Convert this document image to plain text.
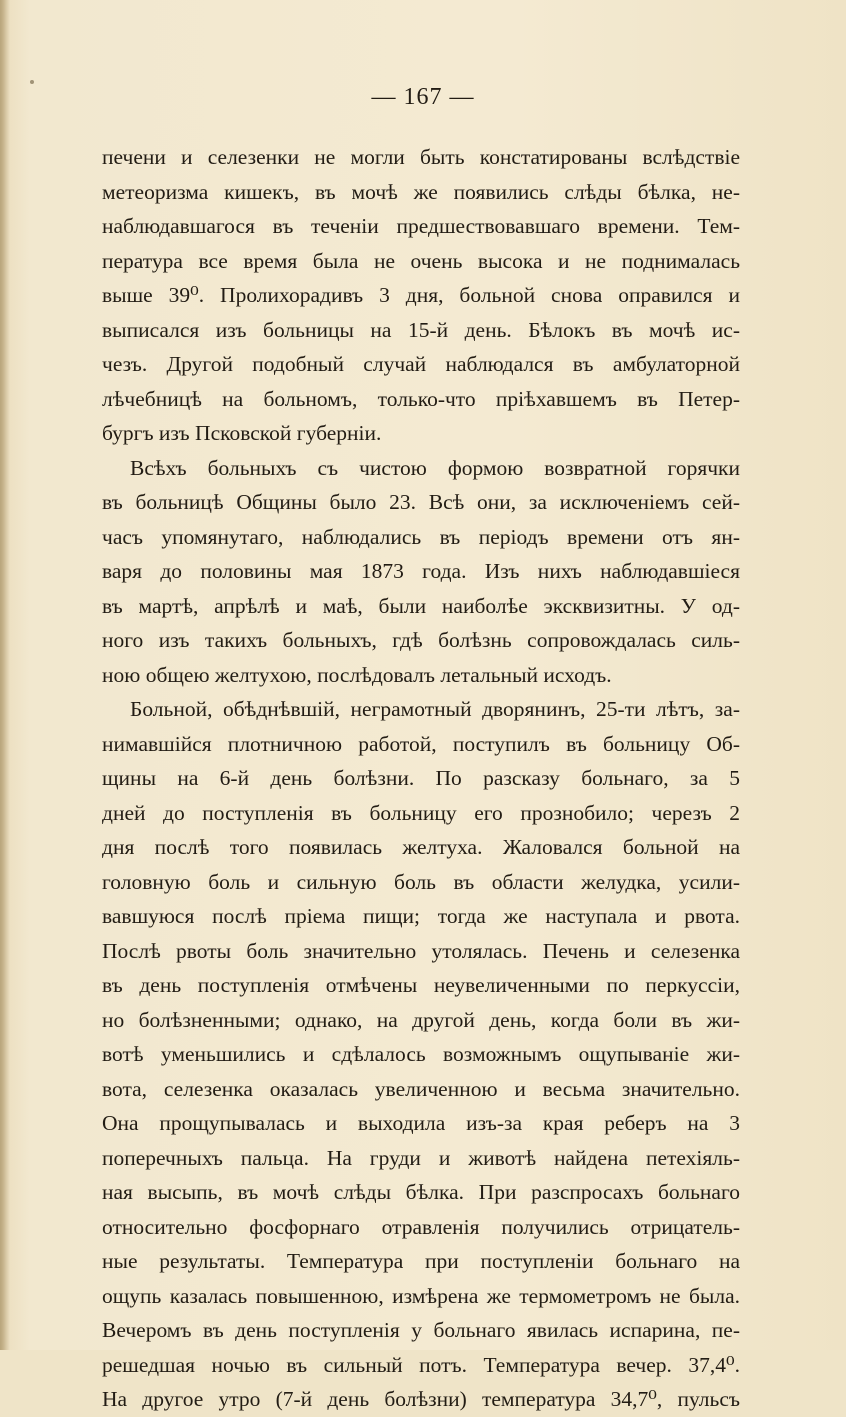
— 167 —
печени и селезенки не могли быть констатированы вслѣдствіе
метеоризма кишекъ, въ мочѣ же появились слѣды бѣлка, не-
наблюдавшагося въ теченіи предшествовавшаго времени. Тем-
пература все время была не очень высока и не поднималась
выше 39⁰. Пролихорадивъ 3 дня, больной снова оправился и
выписался изъ больницы на 15-й день. Бѣлокъ въ мочѣ ис-
чезъ. Другой подобный случай наблюдался въ амбулаторной
лѣчебницѣ на больномъ, только-что пріѣхавшемъ въ Петер-
бургъ изъ Псковской губерніи.
Всѣхъ больныхъ съ чистою формою возвратной горячки
въ больницѣ Общины было 23. Всѣ они, за исключеніемъ сей-
часъ упомянутаго, наблюдались въ періодъ времени отъ ян-
варя до половины мая 1873 года. Изъ нихъ наблюдавшіеся
въ мартѣ, апрѣлѣ и маѣ, были наиболѣе эксквизитны. У од-
ного изъ такихъ больныхъ, гдѣ болѣзнь сопровождалась силь-
ною общею желтухою, послѣдовалъ летальный исходъ.
Больной, обѣднѣвшій, неграмотный дворянинъ, 25-ти лѣтъ, за-
нимавшійся плотничною работой, поступилъ въ больницу Об-
щины на 6-й день болѣзни. По разсказу больнаго, за 5
дней до поступленія въ больницу его прознобило; черезъ 2
дня послѣ того появилась желтуха. Жаловался больной на
головную боль и сильную боль въ области желудка, усили-
вавшуюся послѣ пріема пищи; тогда же наступала и рвота.
Послѣ рвоты боль значительно утолялась. Печень и селезенка
въ день поступленія отмѣчены неувеличенными по перкуссіи,
но болѣзненными; однако, на другой день, когда боли въ жи-
вотѣ уменьшились и сдѣлалось возможнымъ ощупываніе жи-
вота, селезенка оказалась увеличенною и весьма значительно.
Она прощупывалась и выходила изъ-за края реберъ на 3
поперечныхъ пальца. На груди и животѣ найдена петехіяль-
ная высыпь, въ мочѣ слѣды бѣлка. При разспросахъ больнаго
относительно фосфорнаго отравленія получились отрицатель-
ные результаты. Температура при поступленіи больнаго на
ощупь казалась повышенною, измѣрена же термометромъ не была.
Вечеромъ въ день поступленія у больнаго явилась испарина, пе-
решедшая ночью въ сильный потъ. Температура вечер. 37,4⁰.
На другое утро (7-й день болѣзни) температура 34,7⁰, пульсъ
